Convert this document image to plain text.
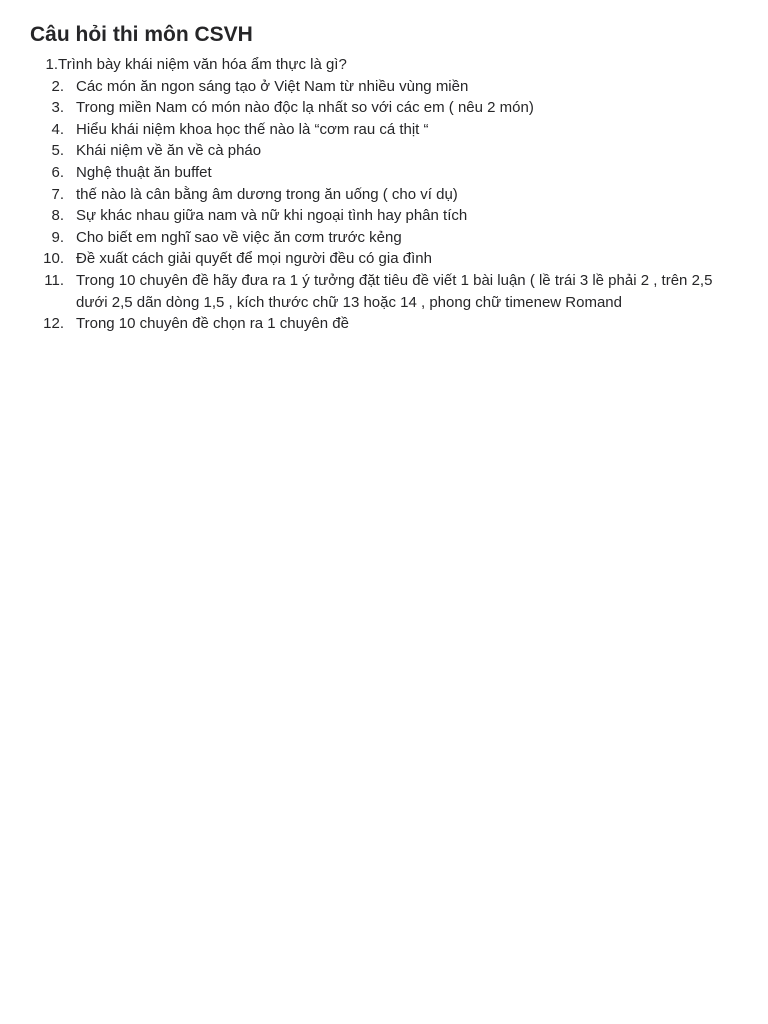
Câu hỏi thi môn CSVH
1. Trình bày khái niệm văn hóa ẩm thực là gì?
2. Các món ăn ngon sáng tạo ở Việt Nam từ nhiều vùng miền
3. Trong miền Nam có món nào độc lạ nhất so với các em ( nêu 2 món)
4. Hiểu khái niệm khoa học thế nào là “cơm rau cá thịt “
5. Khái niệm về ăn về cà pháo
6. Nghệ thuật ăn buffet
7. thế nào là cân bằng âm dương trong ăn uống ( cho ví dụ)
8. Sự khác nhau giữa nam và nữ khi ngoại tình hay phân tích
9. Cho biết em nghĩ sao về việc ăn cơm trước kẻng
10. Đề xuất cách giải quyết để mọi người đều có gia đình
11. Trong 10 chuyên đề hãy đưa ra 1 ý tưởng đặt tiêu đề viết 1 bài luận ( lề trái 3 lề phải 2 , trên 2,5 dưới 2,5 dãn dòng 1,5 , kích thước chữ 13 hoặc 14 , phong chữ timenew Romand
12. Trong 10 chuyên đề chọn ra 1 chuyên đề
